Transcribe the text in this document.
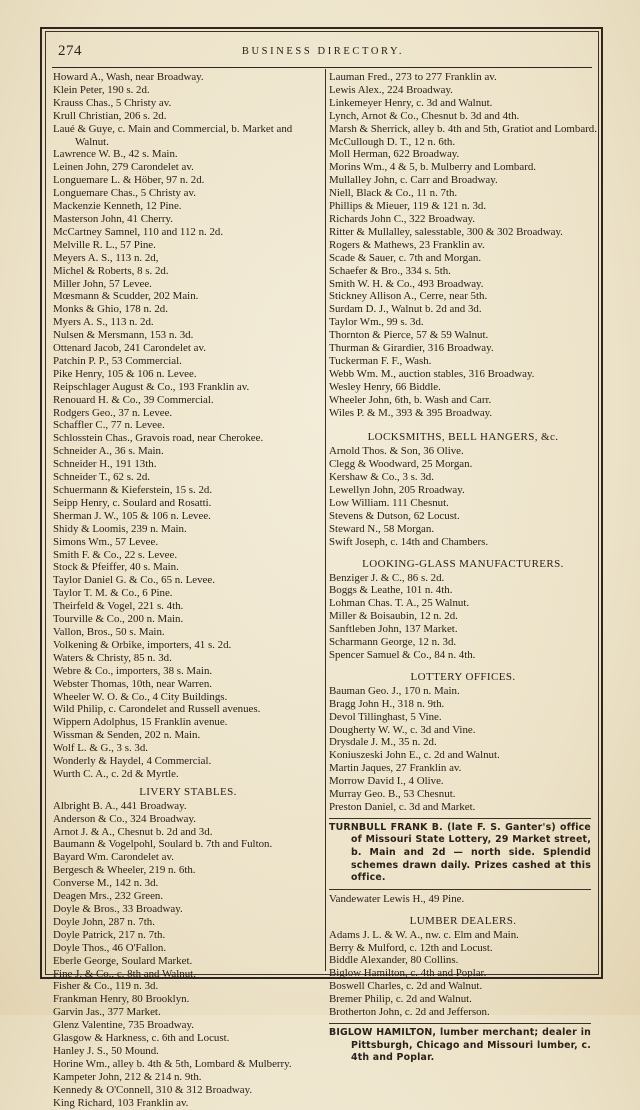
274	BUSINESS DIRECTORY.
Howard A., Wash, near Broadway.
Klein Peter, 190 s. 2d.
Krauss Chas., 5 Christy av.
Krull Christian, 206 s. 2d.
Laué & Guye, c. Main and Commercial, b. Market and Walnut.
Lawrence W. B., 42 s. Main.
Leinen John, 279 Carondelet av.
Longuemare L. & Höber, 97 n. 2d.
Longuemare Chas., 5 Christy av.
Mackenzie Kenneth, 12 Pine.
Masterson John, 41 Cherry.
McCartney Samnel, 110 and 112 n. 2d.
Melville R. L., 57 Pine.
Meyers A. S., 113 n. 2d,
Michel & Roberts, 8 s. 2d.
Miller John, 57 Levee.
Mœsmann & Scudder, 202 Main.
Monks & Ghio, 178 n. 2d.
Myers A. S., 113 n. 2d.
Nulsen & Mersmann, 153 n. 3d.
Ottenard Jacob, 241 Carondelet av.
Patchin P. P., 53 Commercial.
Pike Henry, 105 & 106 n. Levee.
Reipschlager August & Co., 193 Franklin av.
Renouard H. & Co., 39 Commercial.
Rodgers Geo., 37 n. Levee.
Schaffler C., 77 n. Levee.
Schlosstein Chas., Gravois road, near Cherokee.
Schneider A., 36 s. Main.
Schneider H., 191 13th.
Schneider T., 62 s. 2d.
Schuermann & Kieferstein, 15 s. 2d.
Seipp Henry, c. Soulard and Rosatti.
Sherman J. W., 105 & 106 n. Levee.
Shidy & Loomis, 239 n. Main.
Simons Wm., 57 Levee.
Smith F. & Co., 22 s. Levee.
Stock & Pfeiffer, 40 s. Main.
Taylor Daniel G. & Co., 65 n. Levee.
Taylor T. M. & Co., 6 Pine.
Theirfeld & Vogel, 221 s. 4th.
Tourville & Co., 200 n. Main.
Vallon, Bros., 50 s. Main.
Volkening & Orbike, importers, 41 s. 2d.
Waters & Christy, 85 n. 3d.
Webre & Co., importers, 38 s. Main.
Webster Thomas, 10th, near Warren.
Wheeler W. O. & Co., 4 City Buildings.
Wild Philip, c. Carondelet and Russell avenues.
Wippern Adolphus, 15 Franklin avenue.
Wissman & Senden, 202 n. Main.
Wolf L. & G., 3 s. 3d.
Wonderly & Haydel, 4 Commercial.
Wurth C. A., c. 2d & Myrtle.
LIVERY STABLES.
Albright B. A., 441 Broadway.
Anderson & Co., 324 Broadway.
Arnot J. & A., Chesnut b. 2d and 3d.
Baumann & Vogelpohl, Soulard b. 7th and Fulton.
Bayard Wm. Carondelet av.
Bergesch & Wheeler, 219 n. 6th.
Converse M., 142 n. 3d.
Deagen Mrs., 232 Green.
Doyle & Bros., 33 Broadway.
Doyle John, 287 n. 7th.
Doyle Patrick, 217 n. 7th.
Doyle Thos., 46 O'Fallon.
Eberle George, Soulard Market.
Fine J. & Co., c. 8th and Walnut.
Fisher & Co., 119 n. 3d.
Frankman Henry, 80 Brooklyn.
Garvin Jas., 377 Market.
Glenz Valentine, 735 Broadway.
Glasgow & Harkness, c. 6th and Locust.
Hanley J. S., 50 Mound.
Horine Wm., alley b. 4th & 5th, Lombard & Mulberry.
Kampeter John, 212 & 214 n. 9th.
Kennedy & O'Connell, 310 & 312 Broadway.
King Richard, 103 Franklin av.
Lauman Fred., 273 to 277 Franklin av.
Lewis Alex., 224 Broadway.
Linkemeyer Henry, c. 3d and Walnut.
Lynch, Arnot & Co., Chesnut b. 3d and 4th.
Marsh & Sherrick, alley b. 4th and 5th, Gratiot and Lombard.
McCullough D. T., 12 n. 6th.
Moll Herman, 622 Broadway.
Morins Wm., 4 & 5, b. Mulberry and Lombard.
Mullalley John, c. Carr and Broadway.
Niell, Black & Co., 11 n. 7th.
Phillips & Mieuer, 119 & 121 n. 3d.
Richards John C., 322 Broadway.
Ritter & Mullalley, salesstable, 300 & 302 Broadway.
Rogers & Mathews, 23 Franklin av.
Scade & Sauer, c. 7th and Morgan.
Schaefer & Bro., 334 s. 5th.
Smith W. H. & Co., 493 Broadway.
Stickney Allison A., Cerre, near 5th.
Surdam D. J., Walnut b. 2d and 3d.
Taylor Wm., 99 s. 3d.
Thornton & Pierce, 57 & 59 Walnut.
Thurman & Girardier, 316 Broadway.
Tuckerman F. F., Wash.
Webb Wm. M., auction stables, 316 Broadway.
Wesley Henry, 66 Biddle.
Wheeler John, 6th, b. Wash and Carr.
Wiles P. & M., 393 & 395 Broadway.
LOCKSMITHS, BELL HANGERS, &c.
Arnold Thos. & Son, 36 Olive.
Clegg & Woodward, 25 Morgan.
Kershaw & Co., 3 s. 3d.
Lewellyn John, 205 Rroadway.
Low William. 111 Chesnut.
Stevens & Dutson, 62 Locust.
Steward N., 58 Morgan.
Swift Joseph, c. 14th and Chambers.
LOOKING-GLASS MANUFACTURERS.
Benziger J. & C., 86 s. 2d.
Boggs & Leathe, 101 n. 4th.
Lohman Chas. T. A., 25 Walnut.
Miller & Boisaubin, 12 n. 2d.
Sanftleben John, 137 Market.
Scharmann George, 12 n. 3d.
Spencer Samuel & Co., 84 n. 4th.
LOTTERY OFFICES.
Bauman Geo. J., 170 n. Main.
Bragg John H., 318 n. 9th.
Devol Tillinghast, 5 Vine.
Dougherty W. W., c. 3d and Vine.
Drysdale J. M., 35 n. 2d.
Koniuszeski John E., c. 2d and Walnut.
Martin Jaques, 27 Franklin av.
Morrow David I., 4 Olive.
Murray Geo. B., 53 Chesnut.
Preston Daniel, c. 3d and Market.
TURNBULL FRANK B. (late F. S. Ganter's) office of Missouri State Lottery, 29 Market street, b. Main and 2d — north side. Splendid schemes drawn daily. Prizes cashed at this office.
Vandewater Lewis H., 49 Pine.
LUMBER DEALERS.
Adams J. L. & W. A., nw. c. Elm and Main.
Berry & Mulford, c. 12th and Locust.
Biddle Alexander, 80 Collins.
Biglow Hamilton, c. 4th and Poplar.
Boswell Charles, c. 2d and Walnut.
Bremer Philip, c. 2d and Walnut.
Brotherton John, c. 2d and Jefferson.
BIGLOW HAMILTON, lumber merchant; dealer in Pittsburgh, Chicago and Missouri lumber, c. 4th and Poplar.
